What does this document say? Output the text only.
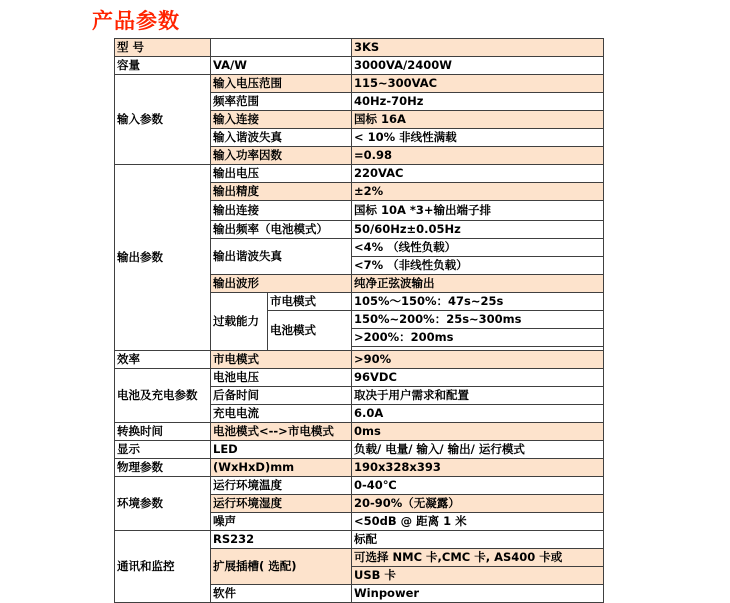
产品参数
型 号			3KS
容量	VA/W		3000VA/2400W
输入参数	输入电压范围		115~300VAC
	频率范围		40Hz-70Hz
	输入连接		国标 16A
	输入谐波失真		< 10% 非线性满载
	输入功率因数		=0.98
输出参数	输出电压		220VAC
	输出精度		±2%
	输出连接		国标 10A *3+输出端子排
	输出频率（电池模式）		50/60Hz±0.05Hz
	输出谐波失真		<4% （线性负载）
			<7% （非线性负载）
	输出波形		纯净正弦波输出
	过载能力	市电模式	105%～150%：47s~25s
		电池模式	150%~200%：25s~300ms
			>200%：200ms

效率	市电模式		>90%
电池及充电参数	电池电压		96VDC
	后备时间		取决于用户需求和配置
	充电电流		6.0A
转换时间	电池模式<-->市电模式		0ms
显示	LED		负载/ 电量/ 输入/ 输出/ 运行模式
物理参数	(WxHxD)mm		190x328x393
环境参数	运行环境温度		0-40℃
	运行环境湿度		20-90%（无凝露）
	噪声		<50dB @ 距离 1 米
通讯和监控	RS232		标配
	扩展插槽( 选配)		可选择 NMC 卡,CMC 卡, AS400 卡或
			USB 卡
	软件		Winpower
